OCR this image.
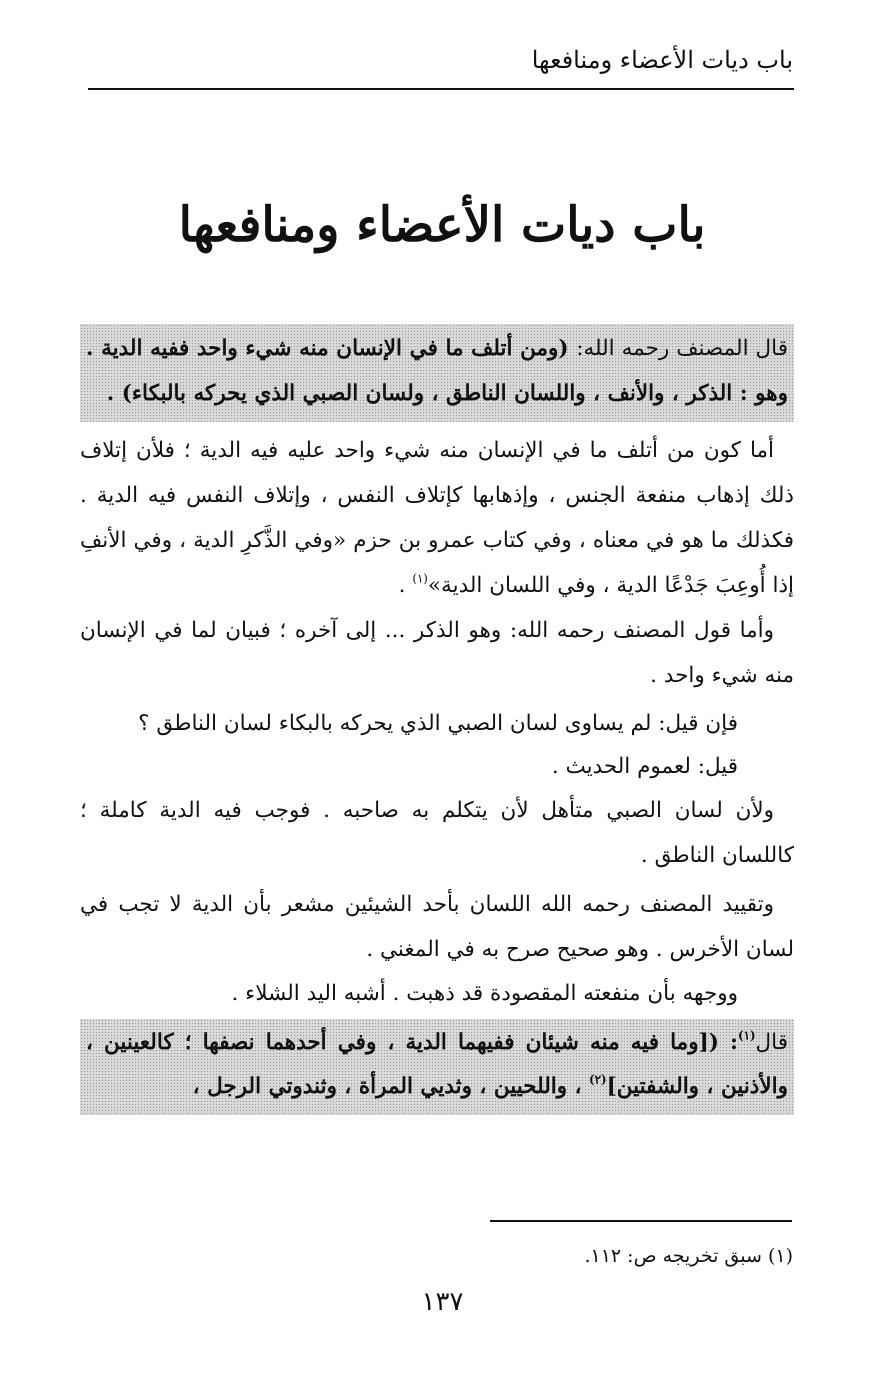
باب ديات الأعضاء ومنافعها
باب ديات الأعضاء ومنافعها
قال المصنف رحمه الله: (ومن أتلف ما في الإنسان منه شيء واحد ففيه الدية . وهو : الذكر ، والأنف ، واللسان الناطق ، ولسان الصبي الذي يحركه بالبكاء) .

أما كون من أتلف ما في الإنسان منه شيء واحد عليه فيه الدية ؛ فلأن إتلاف ذلك إذهاب منفعة الجنس ، وإذهابها كإتلاف النفس ، وإتلاف النفس فيه الدية . فكذلك ما هو في معناه ، وفي كتاب عمرو بن حزم «وفي الذَّكرِ الدية ، وفي الأنفِ إذا أُوعِبَ جَدْعًا الدية ، وفي اللسان الدية»$^{(١)}$ .

وأما قول المصنف رحمه الله: وهو الذكر ... إلى آخره ؛ فبيان لما في الإنسان منه شيء واحد .

فإن قيل: لم يساوى لسان الصبي الذي يحركه بالبكاء لسان الناطق ؟

قيل: لعموم الحديث .

ولأن لسان الصبي متأهل لأن يتكلم به صاحبه . فوجب فيه الدية كاملة ؛ كاللسان الناطق .

وتقييد المصنف رحمه الله اللسان بأحد الشيئين مشعر بأن الدية لا تجب في لسان الأخرس . وهو صحيح صرح به في المغني .

ووجهه بأن منفعته المقصودة قد ذهبت . أشبه اليد الشلاء .

قال$^{(١)}$: ([وما فيه منه شيئان ففيهما الدية ، وفي أحدهما نصفها ؛ كالعينين ، والأذنين ، والشفتين]$^{(٢)}$ ، واللحيين ، وثديي المرأة ، وثندوتي الرجل ،
(١) سبق تخريجه ص: ١١٢.
١٣٧
